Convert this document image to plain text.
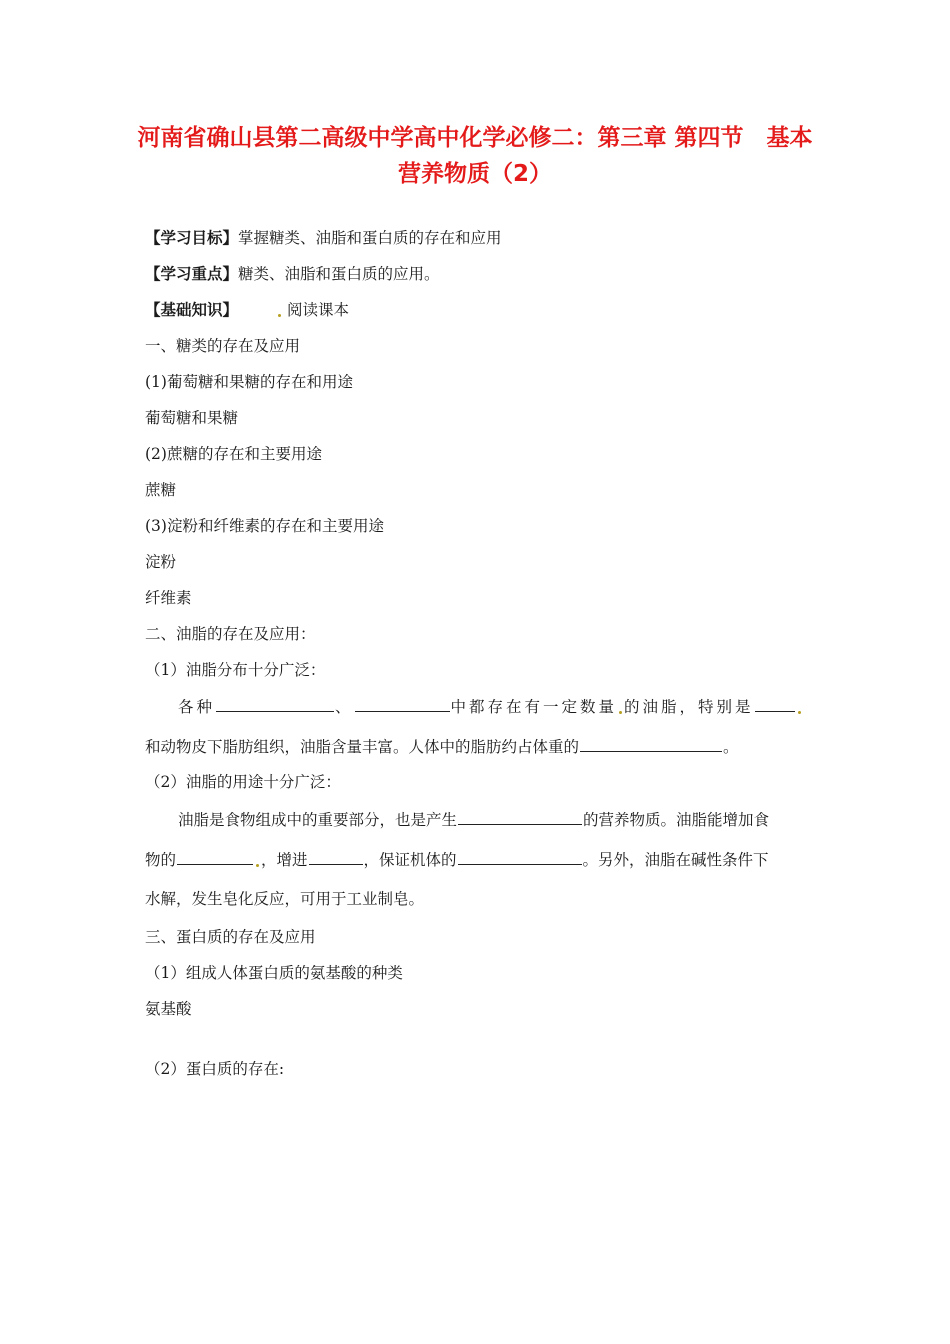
河南省确山县第二高级中学高中化学必修二：第三章 第四节　基本
营养物质（2）
【学习目标】掌握糖类、油脂和蛋白质的存在和应用
【学习重点】糖类、油脂和蛋白质的应用。
【基础知识】	阅读课本
一、糖类的存在及应用
(1)葡萄糖和果糖的存在和用途
葡萄糖和果糖
(2)蔗糖的存在和主要用途
蔗糖
(3)淀粉和纤维素的存在和主要用途
淀粉
纤维素
二、油脂的存在及应用：
（1）油脂分布十分广泛：
各种	、	中都存在有一定数量 的油脂，特别是
和动物皮下脂肪组织，油脂含量丰富。人体中的脂肪约占体重的	。
（2）油脂的用途十分广泛：
油脂是食物组成中的重要部分，也是产生	的营养物质。油脂能增加食
物的	，增进	，保证机体的	。另外，油脂在碱性条件下
水解，发生皂化反应，可用于工业制皂。
三、蛋白质的存在及应用
（1）组成人体蛋白质的氨基酸的种类
氨基酸
（2）蛋白质的存在:
